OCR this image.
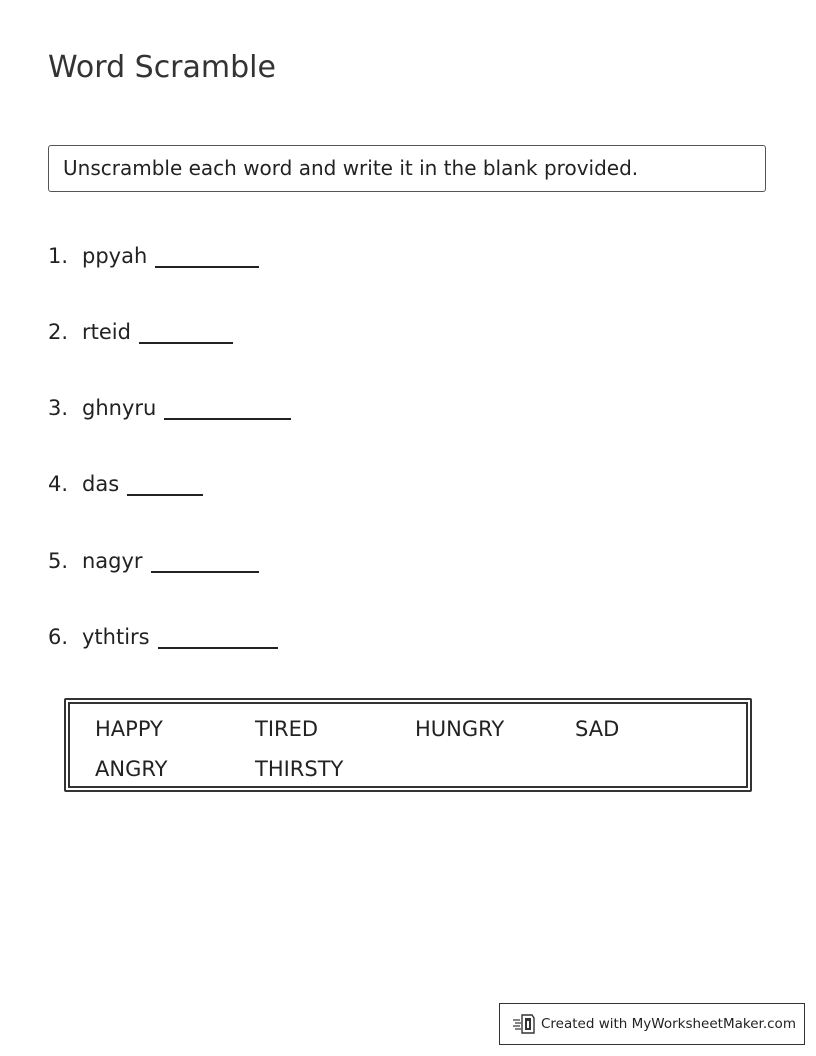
Word Scramble
Unscramble each word and write it in the blank provided.
1. ppyah
2. rteid
3. ghnyru
4. das
5. nagyr
6. ythtirs
HAPPY	TIRED	HUNGRY	SAD
ANGRY	THIRSTY
Created with MyWorksheetMaker.com
